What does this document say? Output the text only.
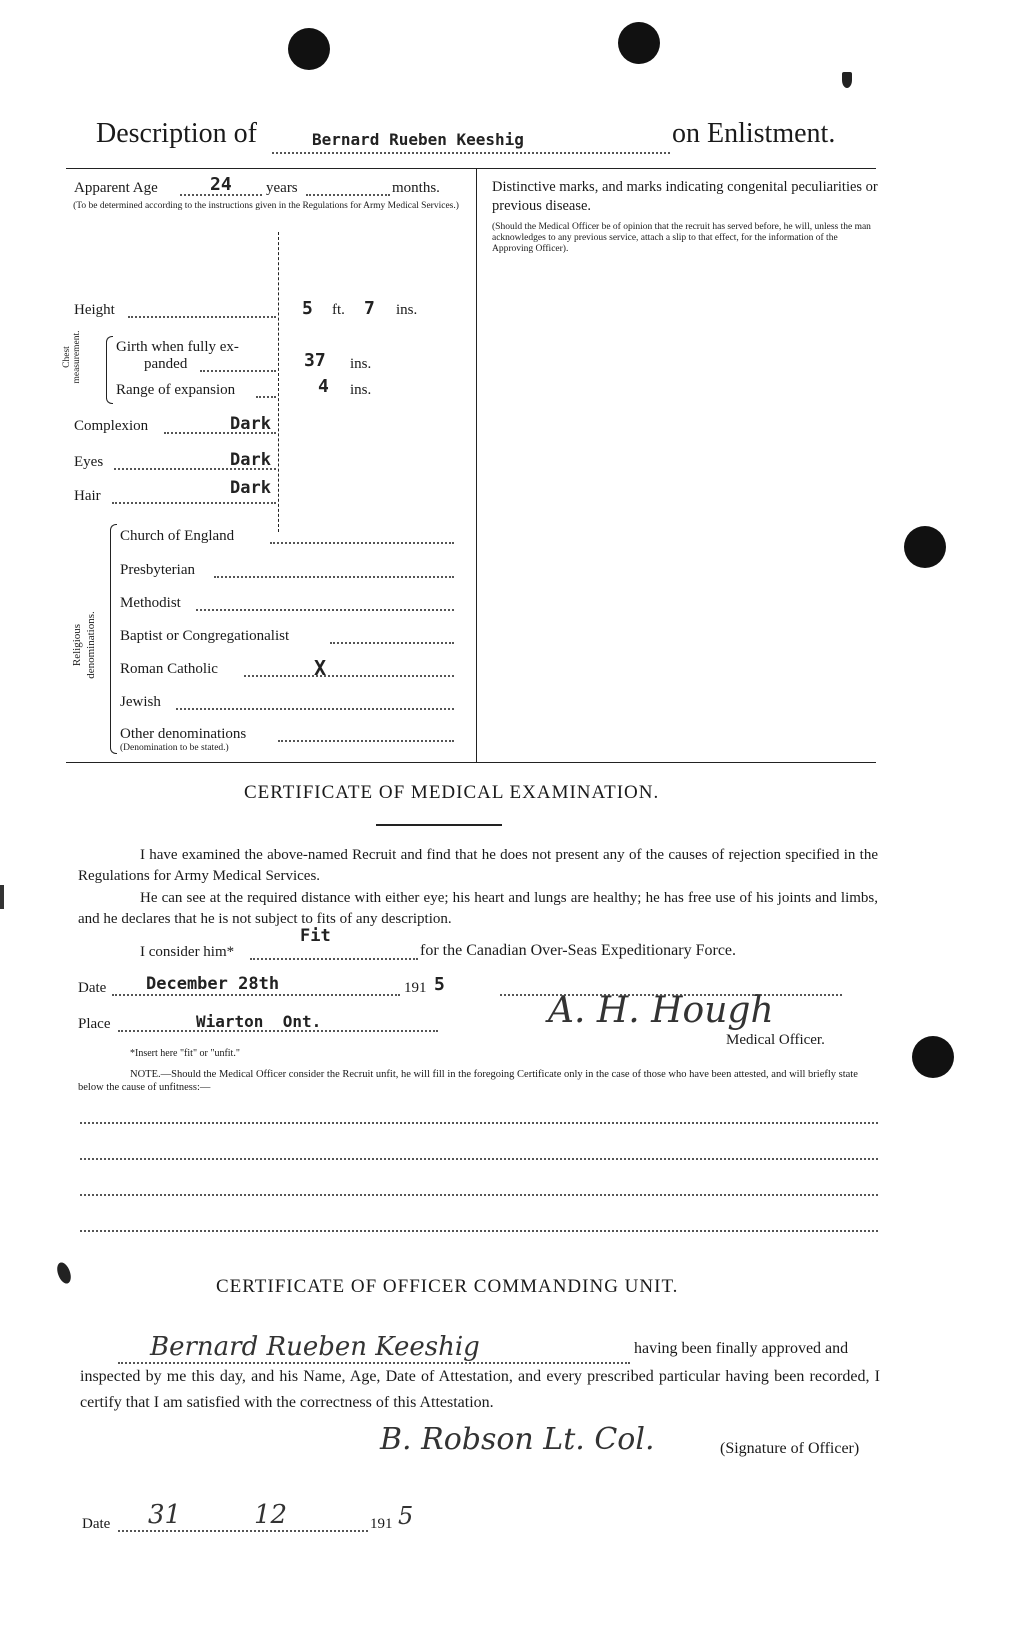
Description of	Bernard Rueben Keeshig	on Enlistment.
Apparent Age	24 years	months.
(To be determined according to the instructions given in the Regulations for Army Medical Services.)
Height	5 ft. 7 ins.
Chest measurement. Girth when fully ex-
panded	37 ins.
Range of expansion	4 ins.
Complexion	Dark
Eyes	Dark
Hair	Dark
Religious denominations.
Church of England
Presbyterian
Methodist
Baptist or Congregationalist
Roman Catholic	X
Jewish
Other denominations
(Denomination to be stated.)
Distinctive marks, and marks indicating congenital peculiarities or previous disease.
(Should the Medical Officer be of opinion that the recruit has served before, he will, unless the man acknowledges to any previous service, attach a slip to that effect, for the information of the Approving Officer).
CERTIFICATE OF MEDICAL EXAMINATION.
I have examined the above-named Recruit and find that he does not present any of the causes of rejection specified in the Regulations for Army Medical Services.
He can see at the required distance with either eye; his heart and lungs are healthy; he has free use of his joints and limbs, and he declares that he is not subject to fits of any description.
I consider him*
Fit
for the Canadian Over-Seas Expeditionary Force.
Date December 28th	191 5
Place	Wiarton  Ont.	A. H. Hough
Medical Officer.
*Insert here "fit" or "unfit."
NOTE.—Should the Medical Officer consider the Recruit unfit, he will fill in the foregoing Certificate only in the case of those who have been attested, and will briefly state below the cause of unfitness:—
CERTIFICATE OF OFFICER COMMANDING UNIT.
Bernard Rueben Keeshig	having been finally approved and
inspected by me this day, and his Name, Age, Date of Attestation, and every prescribed particular having been recorded, I certify that I am satisfied with the correctness of this Attestation.
B. Robson Lt. Col.	(Signature of Officer)
Date 31	12	191 5
